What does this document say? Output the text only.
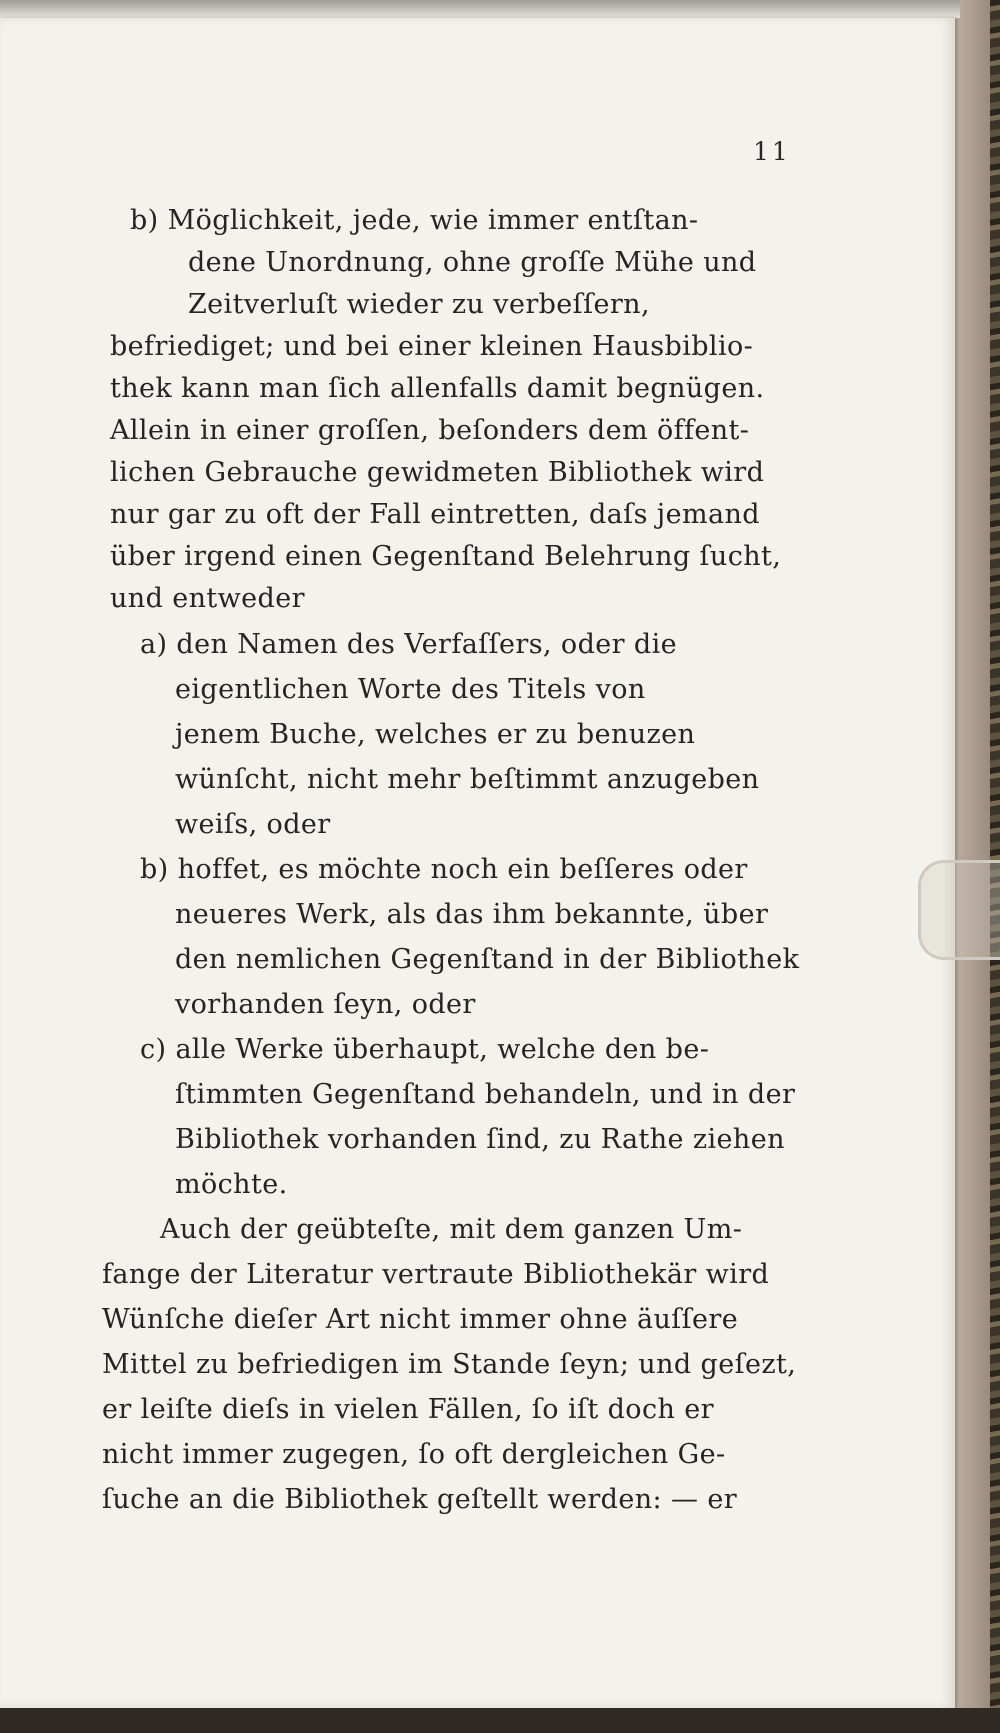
11
b) Möglichkeit, jede, wie immer entſtan-
dene Unordnung, ohne groſſe Mühe und
Zeitverluſt wieder zu verbeſſern,
befriediget; und bei einer kleinen Hausbiblio-
thek kann man ſich allenfalls damit begnügen.
Allein in einer groſſen, beſonders dem öffent-
lichen Gebrauche gewidmeten Bibliothek wird
nur gar zu oft der Fall eintretten, daſs jemand
über irgend einen Gegenſtand Belehrung ſucht,
und entweder
a) den Namen des Verfaſſers, oder die
eigentlichen Worte des Titels von
jenem Buche, welches er zu benuzen
wünſcht, nicht mehr beſtimmt anzugeben
weiſs, oder
b) hoffet, es möchte noch ein beſſeres oder
neueres Werk, als das ihm bekannte, über
den nemlichen Gegenſtand in der Bibliothek
vorhanden ſeyn, oder
c) alle Werke überhaupt, welche den be-
ſtimmten Gegenſtand behandeln, und in der
Bibliothek vorhanden ſind, zu Rathe ziehen
möchte.
Auch der geübteſte, mit dem ganzen Um-
fange der Literatur vertraute Bibliothekär wird
Wünſche dieſer Art nicht immer ohne äuſſere
Mittel zu befriedigen im Stande ſeyn; und geſezt,
er leiſte dieſs in vielen Fällen, ſo iſt doch er
nicht immer zugegen, ſo oft dergleichen Ge-
ſuche an die Bibliothek geſtellt werden: — er
